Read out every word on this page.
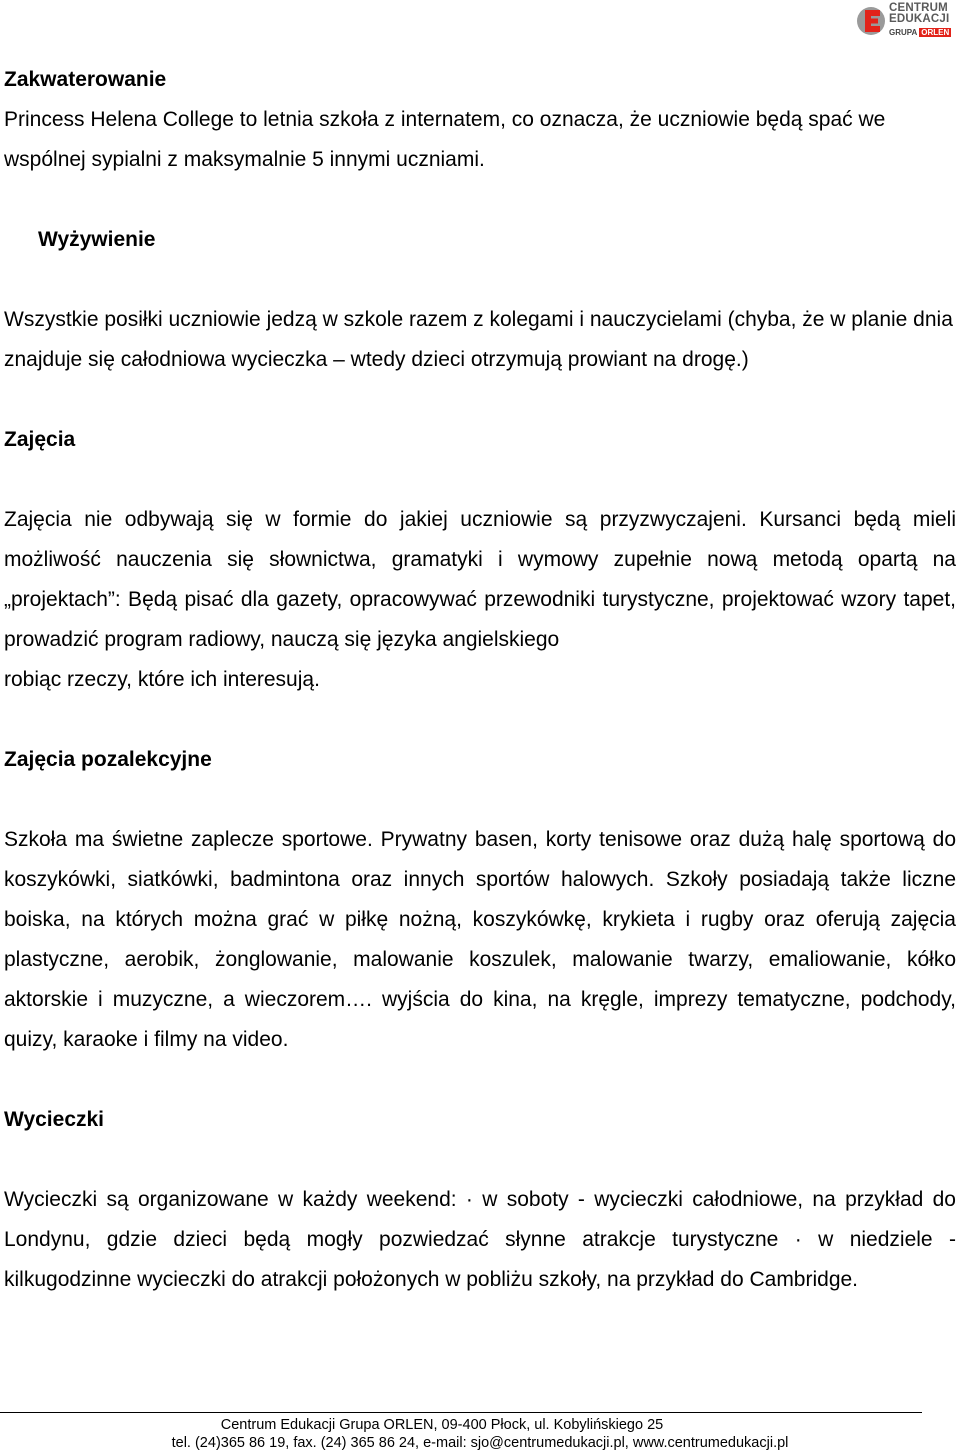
CENTRUM
EDUKACJI
GRUPA ORLEN

Zakwaterowanie

Princess Helena College to letnia szkoła z internatem, co oznacza, że uczniowie będą spać we wspólnej sypialni z maksymalnie 5 innymi uczniami.

Wyżywienie

Wszystkie posiłki uczniowie jedzą w szkole razem z kolegami i nauczycielami (chyba, że w planie dnia znajduje się całodniowa wycieczka – wtedy dzieci otrzymują prowiant na drogę.)

Zajęcia

Zajęcia nie odbywają się w formie do jakiej uczniowie są przyzwyczajeni. Kursanci będą mieli możliwość nauczenia się słownictwa, gramatyki i wymowy zupełnie nową metodą opartą na „projektach”: Będą pisać dla gazety, opracowywać przewodniki turystyczne, projektować wzory tapet, prowadzić program radiowy, nauczą się języka angielskiego

robiąc rzeczy, które ich interesują.

Zajęcia pozalekcyjne

Szkoła ma świetne zaplecze sportowe. Prywatny basen, korty tenisowe oraz dużą halę sportową do koszykówki, siatkówki, badmintona oraz innych sportów halowych. Szkoły posiadają także liczne boiska, na których można grać w piłkę nożną, koszykówkę, krykieta i rugby oraz oferują zajęcia plastyczne, aerobik, żonglowanie, malowanie koszulek, malowanie twarzy, emaliowanie, kółko aktorskie i muzyczne, a wieczorem…. wyjścia do kina, na kręgle, imprezy tematyczne, podchody, quizy, karaoke i filmy na video.

Wycieczki

Wycieczki są organizowane w każdy weekend: · w soboty - wycieczki całodniowe, na przykład do Londynu, gdzie dzieci będą mogły pozwiedzać słynne atrakcje turystyczne · w niedziele - kilkugodzinne wycieczki do atrakcji położonych w pobliżu szkoły, na przykład do Cambridge.

Centrum Edukacji Grupa ORLEN, 09-400 Płock, ul. Kobylińskiego 25
tel. (24)365 86 19, fax. (24) 365 86 24, e-mail: sjo@centrumedukacji.pl, www.centrumedukacji.pl
